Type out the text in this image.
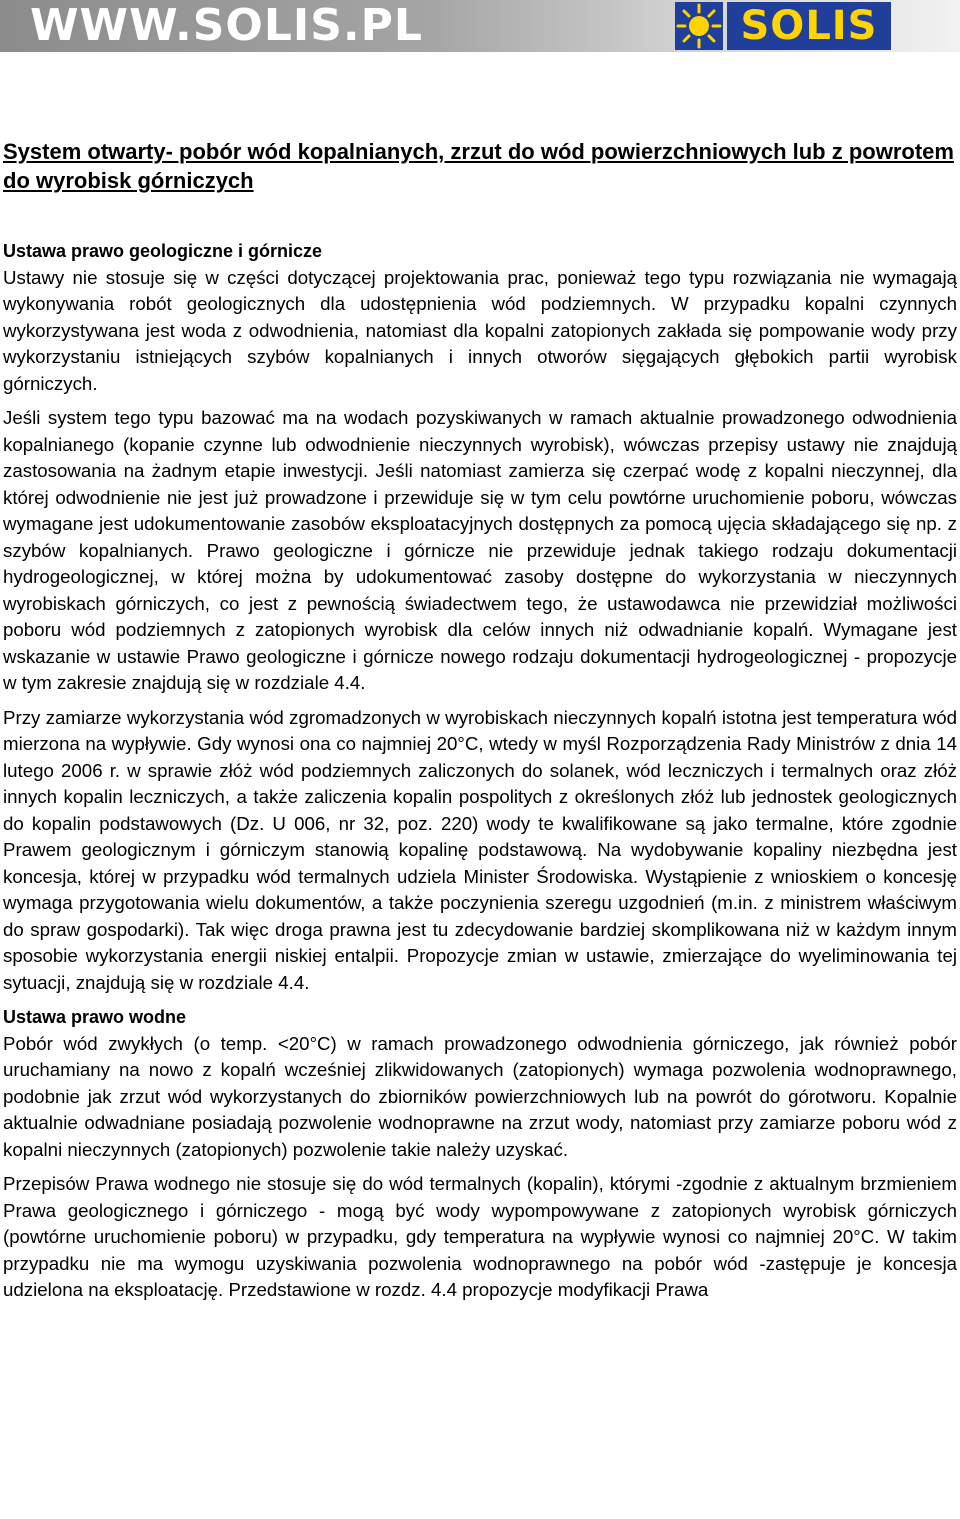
WWW.SOLIS.PL	SOLIS
System otwarty- pobór wód kopalnianych, zrzut do wód powierzchniowych lub z powrotem do wyrobisk górniczych
Ustawa prawo geologiczne i górnicze

Ustawy nie stosuje się w części dotyczącej projektowania prac, ponieważ tego typu rozwiązania nie wymagają wykonywania robót geologicznych dla udostępnienia wód podziemnych. W przypadku kopalni czynnych wykorzystywana jest woda z odwodnienia, natomiast dla kopalni zatopionych zakłada się pompowanie wody przy wykorzystaniu istniejących szybów kopalnianych i innych otworów sięgających głębokich partii wyrobisk górniczych.

Jeśli system tego typu bazować ma na wodach pozyskiwanych w ramach aktualnie prowadzonego odwodnienia kopalnianego (kopanie czynne lub odwodnienie nieczynnych wyrobisk), wówczas przepisy ustawy nie znajdują zastosowania na żadnym etapie inwestycji. Jeśli natomiast zamierza się czerpać wodę z kopalni nieczynnej, dla której odwodnienie nie jest już prowadzone i przewiduje się w tym celu powtórne uruchomienie poboru, wówczas wymagane jest udokumentowanie zasobów eksploatacyjnych dostępnych za pomocą ujęcia składającego się np. z szybów kopalnianych. Prawo geologiczne i górnicze nie przewiduje jednak takiego rodzaju dokumentacji hydrogeologicznej, w której można by udokumentować zasoby dostępne do wykorzystania w nieczynnych wyrobiskach górniczych, co jest z pewnością świadectwem tego, że ustawodawca nie przewidział możliwości poboru wód podziemnych z zatopionych wyrobisk dla celów innych niż odwadnianie kopalń. Wymagane jest wskazanie w ustawie Prawo geologiczne i górnicze nowego rodzaju dokumentacji hydrogeologicznej - propozycje w tym zakresie znajdują się w rozdziale 4.4.

Przy zamiarze wykorzystania wód zgromadzonych w wyrobiskach nieczynnych kopalń istotna jest temperatura wód mierzona na wypływie. Gdy wynosi ona co najmniej 20°C, wtedy w myśl Rozporządzenia Rady Ministrów z dnia 14 lutego 2006 r. w sprawie złóż wód podziemnych zaliczonych do solanek, wód leczniczych i termalnych oraz złóż innych kopalin leczniczych, a także zaliczenia kopalin pospolitych z określonych złóż lub jednostek geologicznych do kopalin podstawowych (Dz. U 006, nr 32, poz. 220) wody te kwalifikowane są jako termalne, które zgodnie Prawem geologicznym i górniczym stanowią kopalinę podstawową. Na wydobywanie kopaliny niezbędna jest koncesja, której w przypadku wód termalnych udziela Minister Środowiska. Wystąpienie z wnioskiem o koncesję wymaga przygotowania wielu dokumentów, a także poczynienia szeregu uzgodnień (m.in. z ministrem właściwym do spraw gospodarki). Tak więc droga prawna jest tu zdecydowanie bardziej skomplikowana niż w każdym innym sposobie wykorzystania energii niskiej entalpii. Propozycje zmian w ustawie, zmierzające do wyeliminowania tej sytuacji, znajdują się w rozdziale 4.4.

Ustawa prawo wodne

Pobór wód zwykłych (o temp. <20°C) w ramach prowadzonego odwodnienia górniczego, jak również pobór uruchamiany na nowo z kopalń wcześniej zlikwidowanych (zatopionych) wymaga pozwolenia wodnoprawnego, podobnie jak zrzut wód wykorzystanych do zbiorników powierzchniowych lub na powrót do górotworu. Kopalnie aktualnie odwadniane posiadają pozwolenie wodnoprawne na zrzut wody, natomiast przy zamiarze poboru wód z kopalni nieczynnych (zatopionych) pozwolenie takie należy uzyskać.

Przepisów Prawa wodnego nie stosuje się do wód termalnych (kopalin), którymi -zgodnie z aktualnym brzmieniem Prawa geologicznego i górniczego - mogą być wody wypompowywane z zatopionych wyrobisk górniczych (powtórne uruchomienie poboru) w przypadku, gdy temperatura na wypływie wynosi co najmniej 20°C. W takim przypadku nie ma wymogu uzyskiwania pozwolenia wodnoprawnego na pobór wód -zastępuje je koncesja udzielona na eksploatację. Przedstawione w rozdz. 4.4 propozycje modyfikacji Prawa
